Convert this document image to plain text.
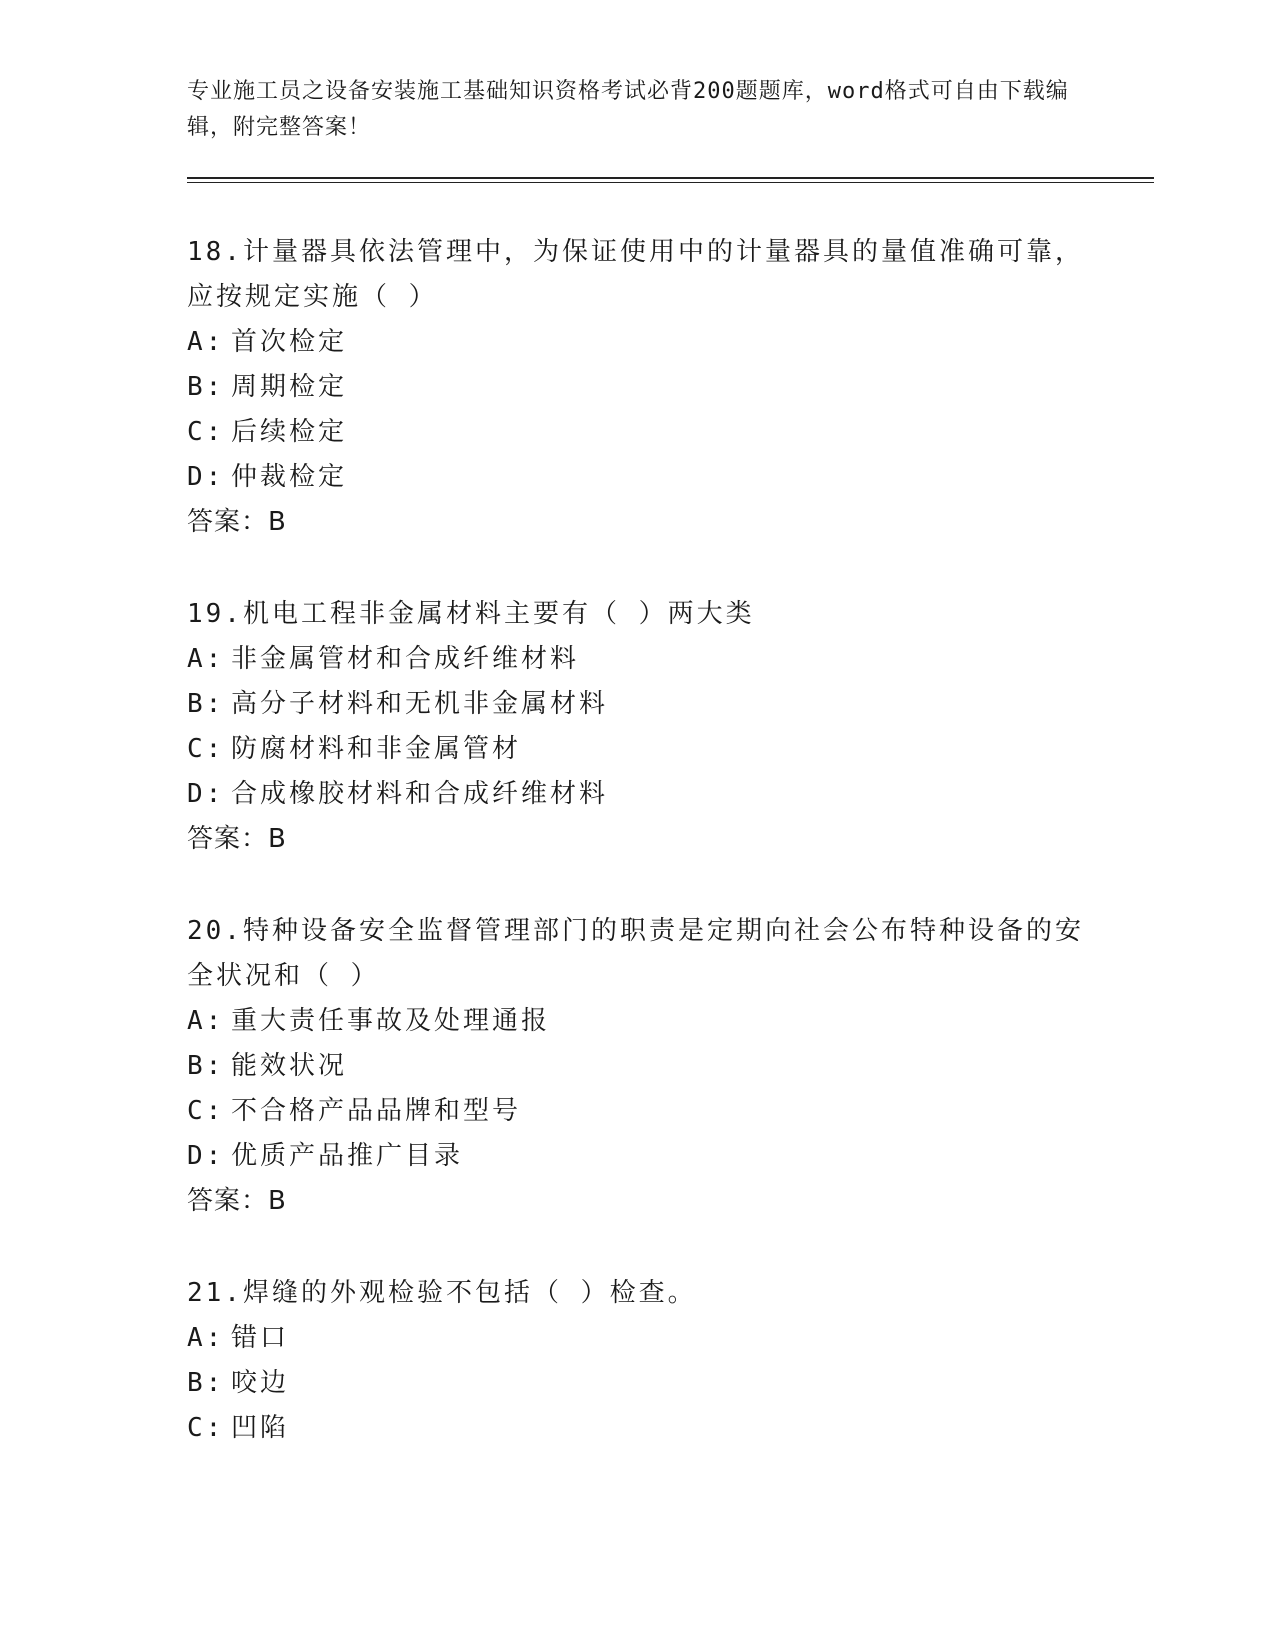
专业施工员之设备安装施工基础知识资格考试必背200题题库，word格式可自由下载编辑，附完整答案！
18.计量器具依法管理中，为保证使用中的计量器具的量值准确可靠，应按规定实施（ ）
A: 首次检定
B: 周期检定
C: 后续检定
D: 仲裁检定
答案：B
19.机电工程非金属材料主要有（ ）两大类
A: 非金属管材和合成纤维材料
B: 高分子材料和无机非金属材料
C: 防腐材料和非金属管材
D: 合成橡胶材料和合成纤维材料
答案：B
20.特种设备安全监督管理部门的职责是定期向社会公布特种设备的安全状况和（ ）
A: 重大责任事故及处理通报
B: 能效状况
C: 不合格产品品牌和型号
D: 优质产品推广目录
答案：B
21.焊缝的外观检验不包括（ ）检查。
A: 错口
B: 咬边
C: 凹陷
